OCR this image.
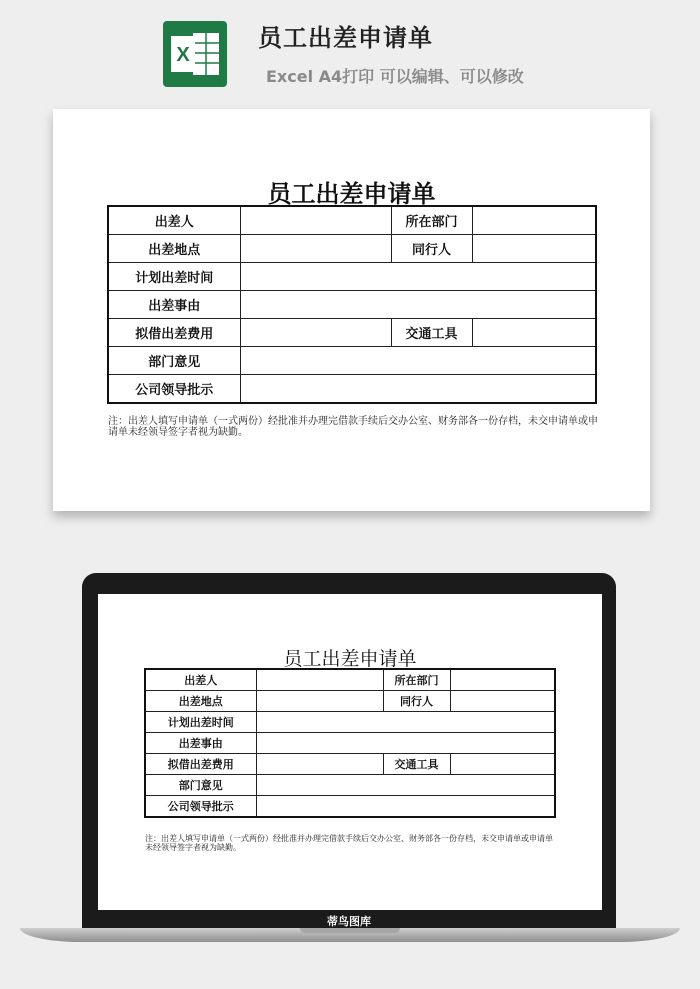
X
员工出差申请单
Excel A4打印 可以编辑、可以修改
员工出差申请单
出差人		所在部门	
出差地点		同行人	
计划出差时间			
出差事由			
拟借出差费用		交通工具	
部门意见			
公司领导批示			
注：出差人填写申请单（一式两份）经批准并办理完借款手续后交办公室、财务部各一份存档，未交申请单或申请单未经领导签字者视为缺勤。
员工出差申请单
出差人		所在部门	
出差地点		同行人	
计划出差时间			
出差事由			
拟借出差费用		交通工具	
部门意见			
公司领导批示			
注：出差人填写申请单（一式两份）经批准并办理完借款手续后交办公室、财务部各一份存档，未交申请单或申请单未经领导签字者视为缺勤。
蒂鸟图库
